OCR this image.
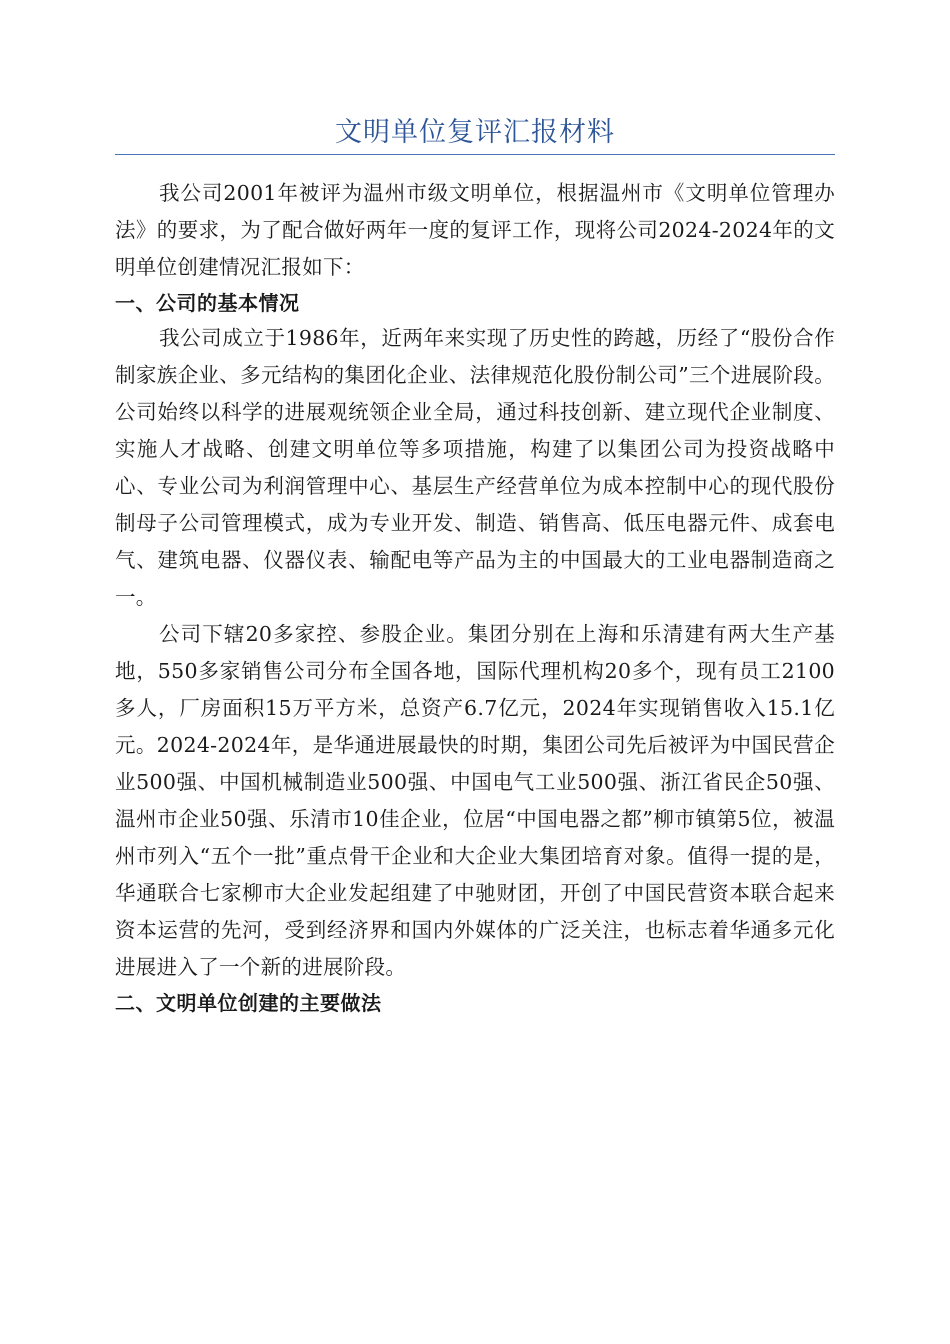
文明单位复评汇报材料

我公司2001年被评为温州市级文明单位，根据温州市《文明单位管理办法》的要求，为了配合做好两年一度的复评工作，现将公司2024-2024年的文明单位创建情况汇报如下：

一、公司的基本情况

我公司成立于1986年，近两年来实现了历史性的跨越，历经了“股份合作制家族企业、多元结构的集团化企业、法律规范化股份制公司”三个进展阶段。公司始终以科学的进展观统领企业全局，通过科技创新、建立现代企业制度、实施人才战略、创建文明单位等多项措施，构建了以集团公司为投资战略中心、专业公司为利润管理中心、基层生产经营单位为成本控制中心的现代股份制母子公司管理模式，成为专业开发、制造、销售高、低压电器元件、成套电气、建筑电器、仪器仪表、输配电等产品为主的中国最大的工业电器制造商之一。

公司下辖20多家控、参股企业。集团分别在上海和乐清建有两大生产基地，550多家销售公司分布全国各地，国际代理机构20多个，现有员工2100多人，厂房面积15万平方米，总资产6.7亿元，2024年实现销售收入15.1亿元。2024-2024年，是华通进展最快的时期，集团公司先后被评为中国民营企业500强、中国机械制造业500强、中国电气工业500强、浙江省民企50强、温州市企业50强、乐清市10佳企业，位居“中国电器之都”柳市镇第5位，被温州市列入“五个一批”重点骨干企业和大企业大集团培育对象。值得一提的是，华通联合七家柳市大企业发起组建了中驰财团，开创了中国民营资本联合起来资本运营的先河，受到经济界和国内外媒体的广泛关注，也标志着华通多元化进展进入了一个新的进展阶段。

二、文明单位创建的主要做法
